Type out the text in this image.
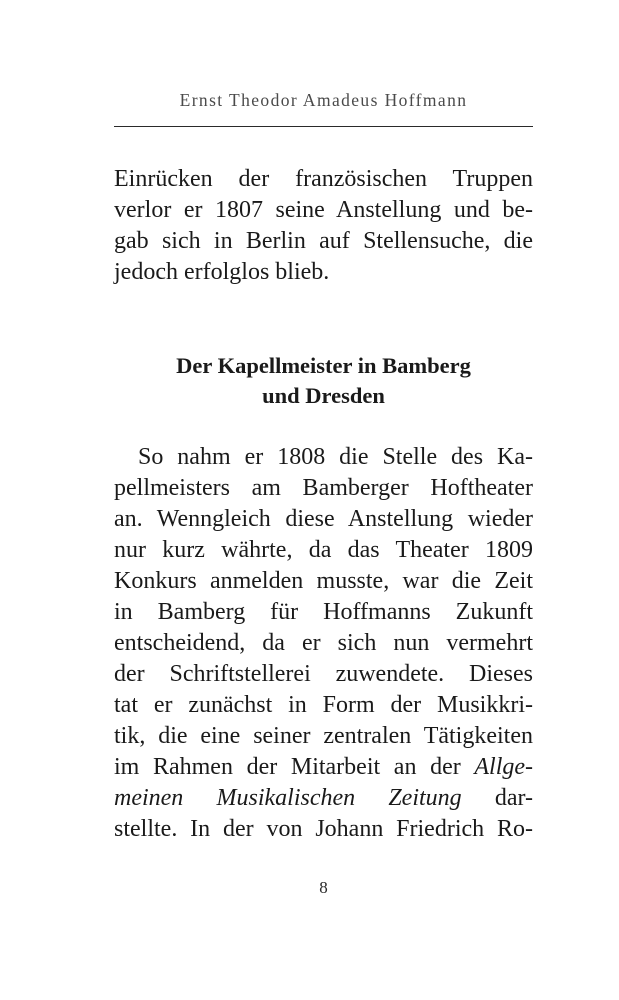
Ernst Theodor Amadeus Hoffmann
Einrücken der französischen Truppen
verlor er 1807 seine Anstellung und be-
gab sich in Berlin auf Stellensuche, die
jedoch erfolglos blieb.
Der Kapellmeister in Bamberg
und Dresden
So nahm er 1808 die Stelle des Ka-
pellmeisters am Bamberger Hoftheater
an. Wenngleich diese Anstellung wieder
nur kurz währte, da das Theater 1809
Konkurs anmelden musste, war die Zeit
in Bamberg für Hoffmanns Zukunft
entscheidend, da er sich nun vermehrt
der Schriftstellerei zuwendete. Dieses
tat er zunächst in Form der Musikkri-
tik, die eine seiner zentralen Tätigkeiten
im Rahmen der Mitarbeit an der Allge-
meinen Musikalischen Zeitung dar-
stellte. In der von Johann Friedrich Ro-
8
